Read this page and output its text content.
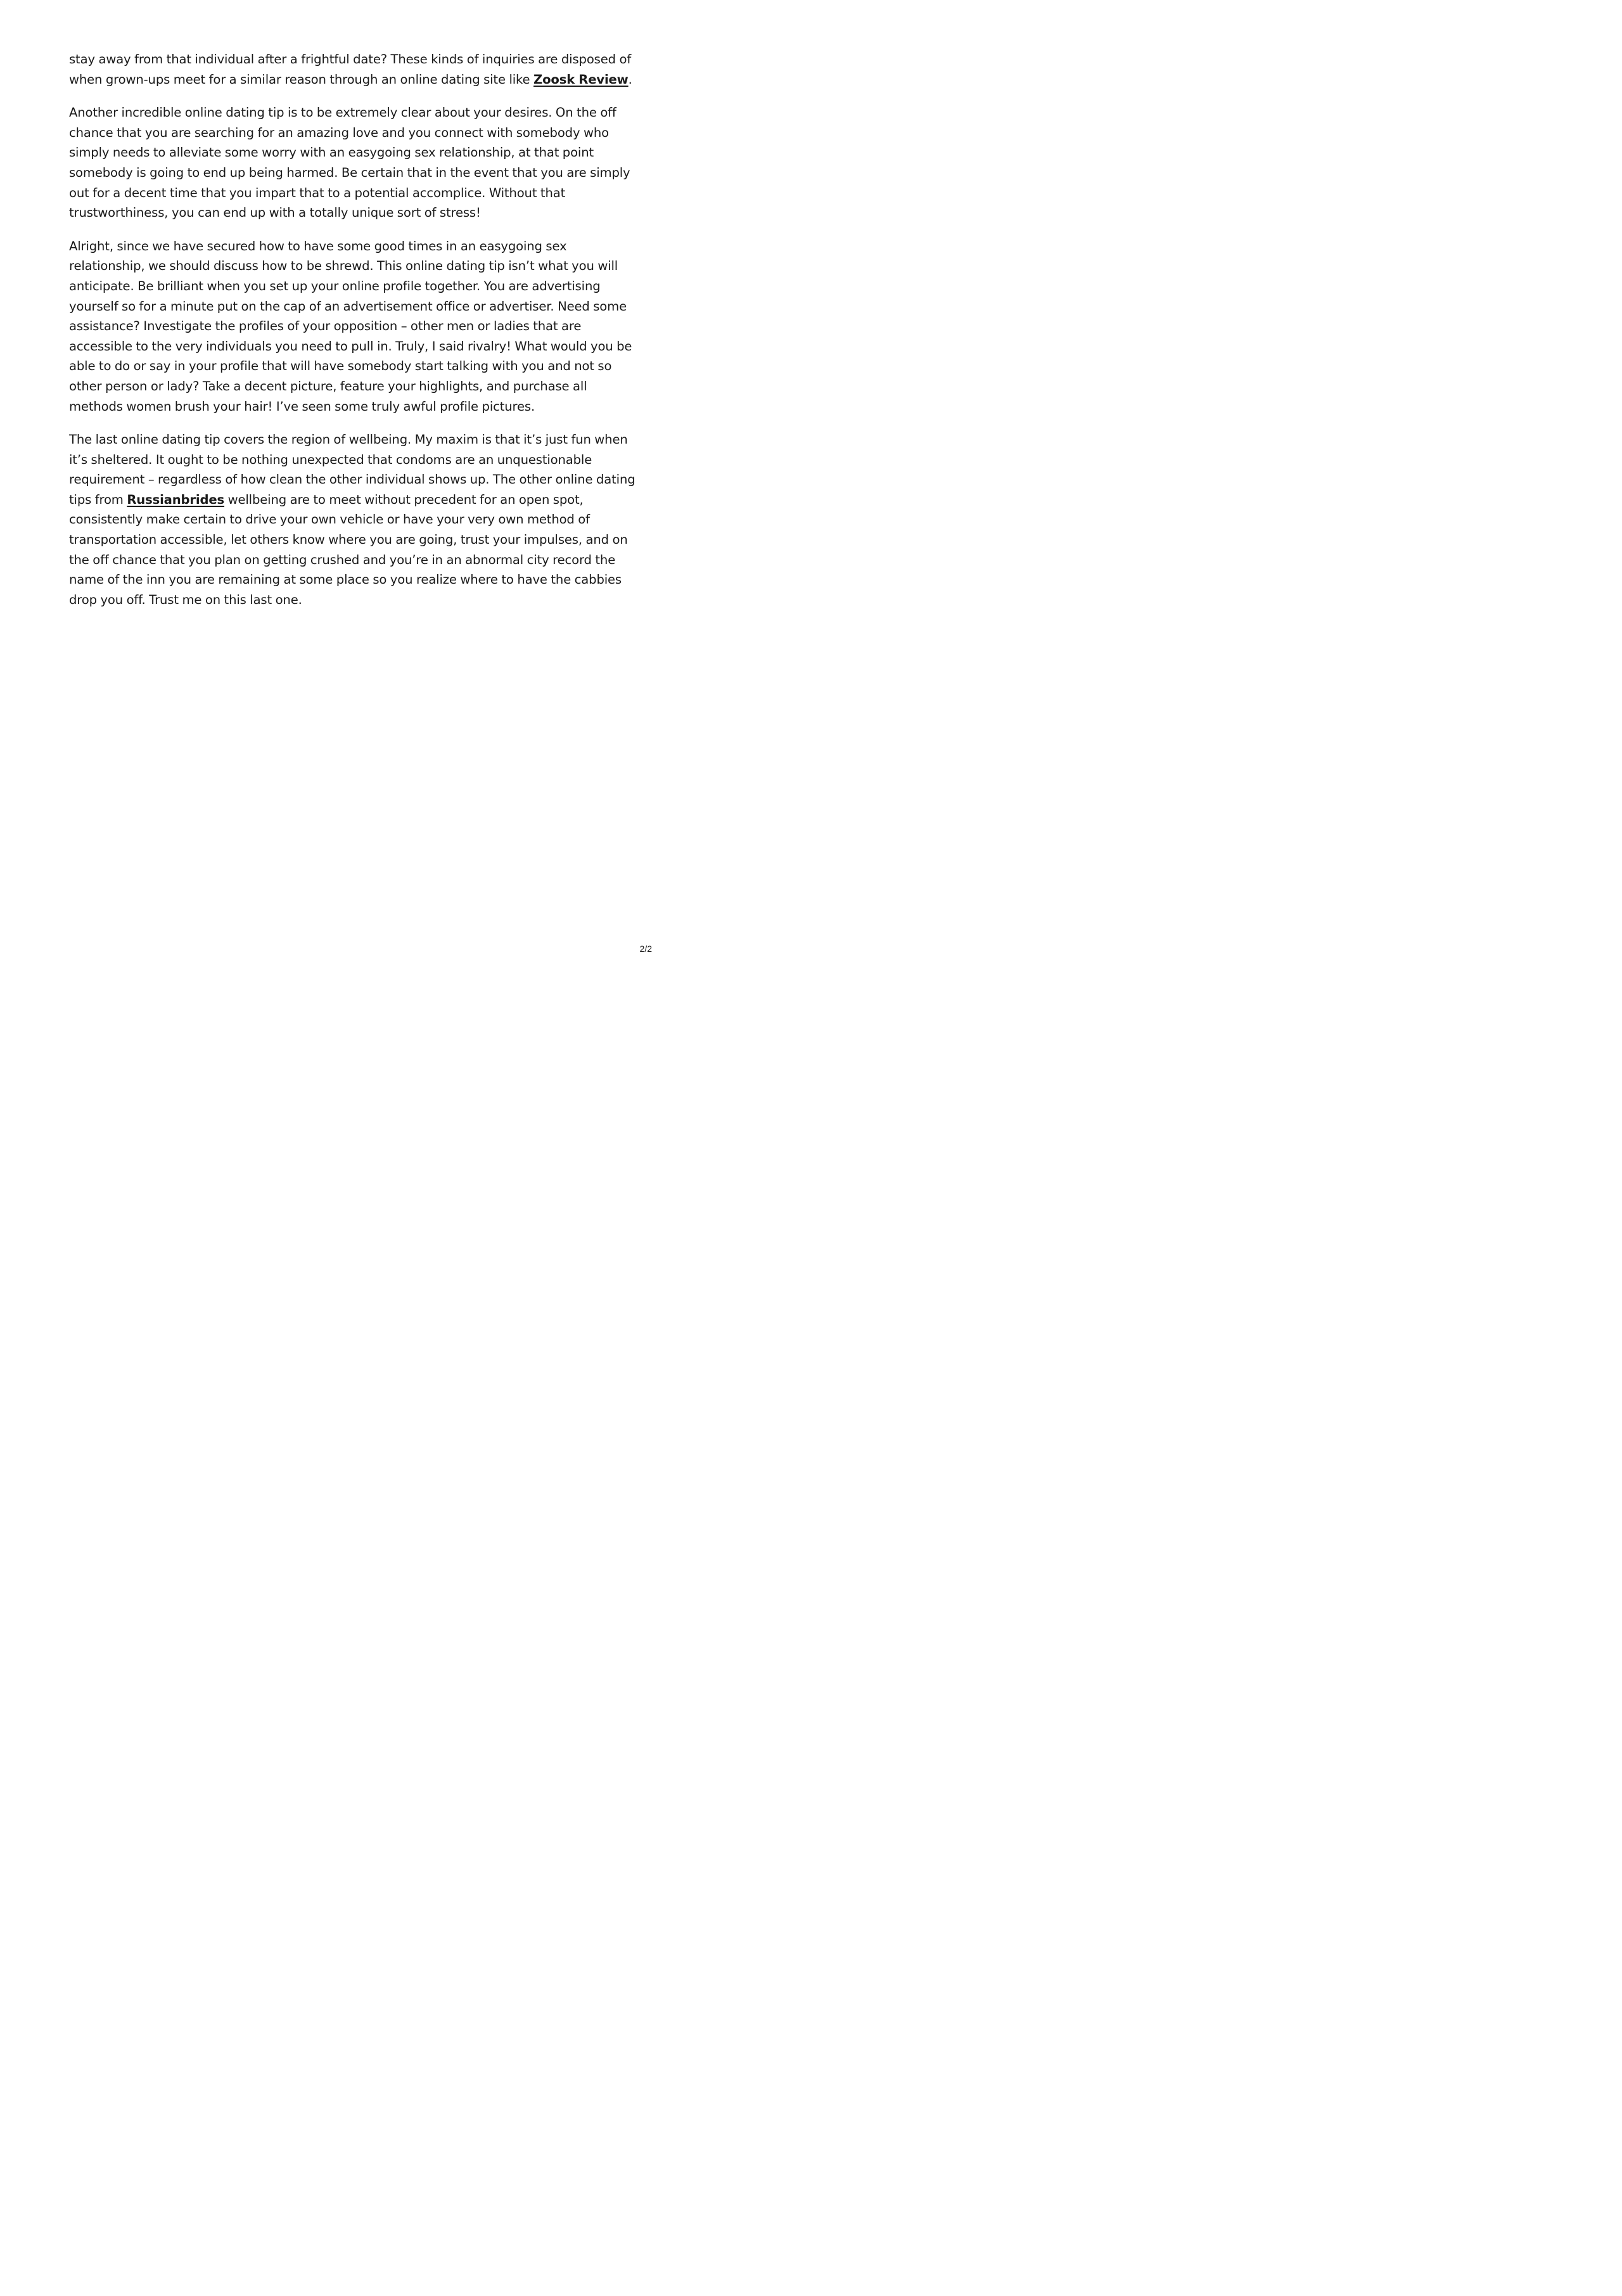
stay away from that individual after a frightful date? These kinds of inquiries are disposed of when grown-ups meet for a similar reason through an online dating site like Zoosk Review.

Another incredible online dating tip is to be extremely clear about your desires. On the off chance that you are searching for an amazing love and you connect with somebody who simply needs to alleviate some worry with an easygoing sex relationship, at that point somebody is going to end up being harmed. Be certain that in the event that you are simply out for a decent time that you impart that to a potential accomplice. Without that trustworthiness, you can end up with a totally unique sort of stress!

Alright, since we have secured how to have some good times in an easygoing sex relationship, we should discuss how to be shrewd. This online dating tip isn’t what you will anticipate. Be brilliant when you set up your online profile together. You are advertising yourself so for a minute put on the cap of an advertisement office or advertiser. Need some assistance? Investigate the profiles of your opposition – other men or ladies that are accessible to the very individuals you need to pull in. Truly, I said rivalry! What would you be able to do or say in your profile that will have somebody start talking with you and not so other person or lady? Take a decent picture, feature your highlights, and purchase all methods women brush your hair! I’ve seen some truly awful profile pictures.

The last online dating tip covers the region of wellbeing. My maxim is that it’s just fun when it’s sheltered. It ought to be nothing unexpected that condoms are an unquestionable requirement – regardless of how clean the other individual shows up. The other online dating tips from Russianbrides wellbeing are to meet without precedent for an open spot, consistently make certain to drive your own vehicle or have your very own method of transportation accessible, let others know where you are going, trust your impulses, and on the off chance that you plan on getting crushed and you’re in an abnormal city record the name of the inn you are remaining at some place so you realize where to have the cabbies drop you off. Trust me on this last one.

2/2
